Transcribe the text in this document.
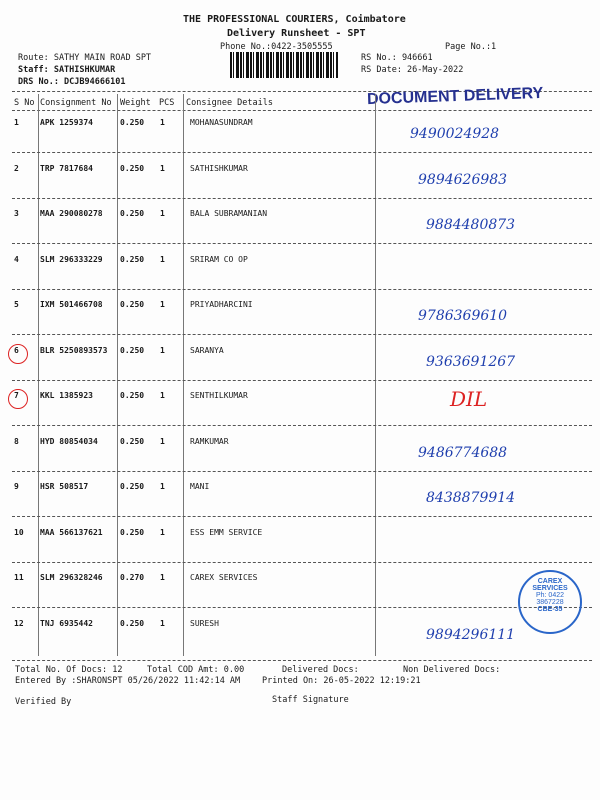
THE PROFESSIONAL COURIERS, Coimbatore
Delivery Runsheet - SPT
Phone No.:0422-3505555	Page No.:1
Route: SATHY MAIN ROAD SPT
Staff: SATHISHKUMAR
DRS No.: DCJB94666101
RS No.: 946661
RS Date: 26-May-2022
DOCUMENT DELIVERY
S No Consignment No Weight PCS Consignee Details
1	APK 1259374	0.250 1	MOHANASUNDRAM
9490024928
2	TRP 7817684	0.250 1	SATHISHKUMAR
9894626983
3	MAA 290080278 0.250 1	BALA SUBRAMANIAN
9884480873
4	SLM 296333229 0.250 1	SRIRAM CO OP
5	IXM 501466708 0.250 1	PRIYADHARCINI
9786369610
6	BLR 5250893573 0.250 1	SARANYA
9363691267
7	KKL 1385923	0.250 1	SENTHILKUMAR	DIL
8	HYD 80854034	0.250 1	RAMKUMAR
9486774688
9	HSR 508517	0.250 1	MANI
8438879914
10 MAA 566137621 0.250 1	ESS EMM SERVICE
11 SLM 296328246 0.270 1	CAREX SERVICES
12 TNJ 6935442	0.250 1	SURESH
9894296111
CAREX SERVICES
Ph: 0422
3867228
CBE-35
Total No. Of Docs: 12	Total COD Amt: 0.00	Delivered Docs:	Non Delivered Docs:
Entered By :SHARONSPT 05/26/2022 11:42:14 AM	Printed On: 26-05-2022 12:19:21
Verified By	Staff Signature
